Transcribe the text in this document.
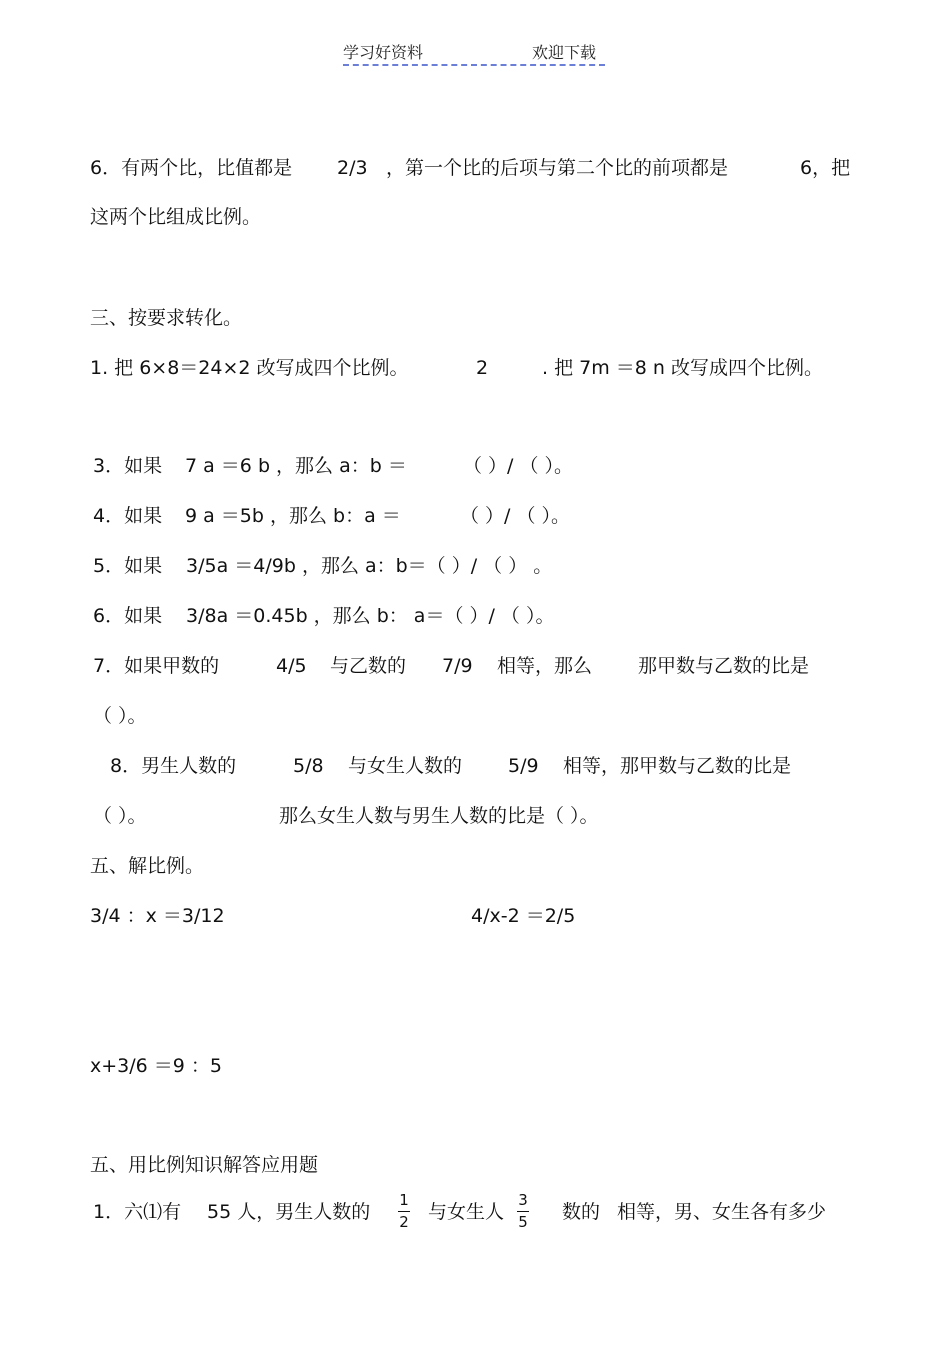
学习好资料	欢迎下载
6．有两个比，比值都是 2/3 ，第一个比的后项与第二个比的前项都是	6，把
这两个比组成比例。
三、按要求转化。
1. 把 6×8＝24×2 改写成四个比例。	2	. 把 7m ＝8 n 改写成四个比例。
3．如果 7 a ＝6 b ，那么 a：b ＝	（ ）/ （ ）。
4．如果 9 a ＝5b ，那么 b：a ＝	（ ）/ （ ）。
5．如果 3/5a ＝4/9b ，那么 a：b＝（ ）/ （ ） 。
6．如果 3/8a ＝0.45b ，那么 b： a＝（ ）/ （ ）。
7．如果甲数的	4/5 与乙数的 7/9 相等，那么 那甲数与乙数的比是
（ ）。
8．男生人数的	5/8 与女生人数的 5/9 相等，那甲数与乙数的比是
（ ）。	那么女生人数与男生人数的比是（ ）。
五、解比例。
3/4 ：x ＝3/12	4/x-2 ＝2/5
x+3/6 ＝9 ：5
五、用比例知识解答应用题
1．六⑴有 55 人，男生人数的
1
2 与女生人
3
5 数的 相等，男、女生各有多少
